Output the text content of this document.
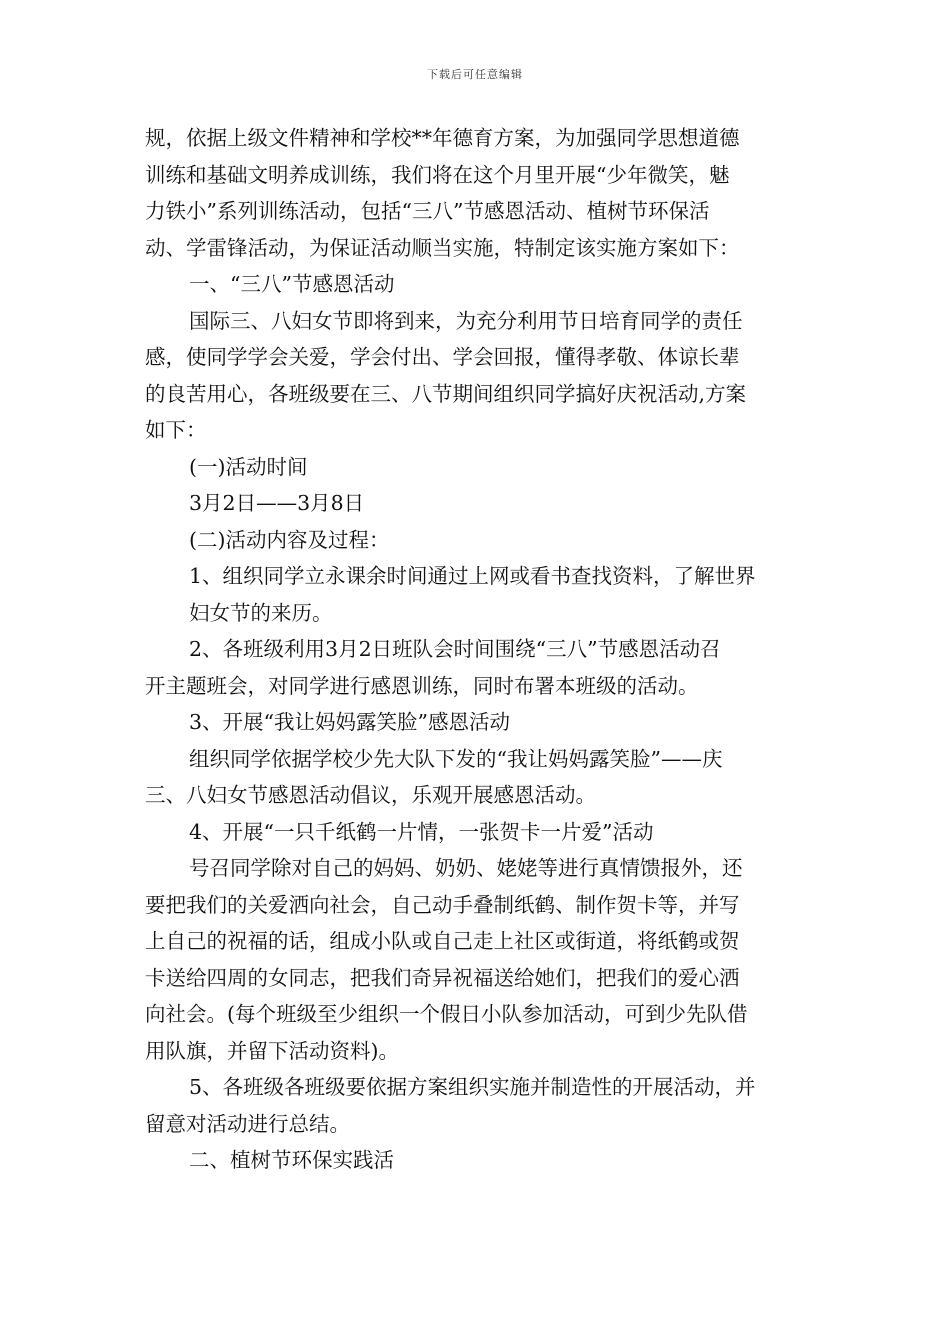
下载后可任意编辑
规，依据上级文件精神和学校**年德育方案，为加强同学思想道德
训练和基础文明养成训练，我们将在这个月里开展“少年微笑，魅
力铁小”系列训练活动，包括“三八”节感恩活动、植树节环保活
动、学雷锋活动，为保证活动顺当实施，特制定该实施方案如下：
一、“三八”节感恩活动
国际三、八妇女节即将到来，为充分利用节日培育同学的责任
感，使同学学会关爱，学会付出、学会回报，懂得孝敬、体谅长辈
的良苦用心，各班级要在三、八节期间组织同学搞好庆祝活动,方案
如下：
(一)活动时间
3月2日——3月8日
(二)活动内容及过程：
1、组织同学立永课余时间通过上网或看书查找资料，了解世界
妇女节的来历。
2、各班级利用3月2日班队会时间围绕“三八”节感恩活动召
开主题班会，对同学进行感恩训练，同时布署本班级的活动。
3、开展“我让妈妈露笑脸”感恩活动
组织同学依据学校少先大队下发的“我让妈妈露笑脸”——庆
三、八妇女节感恩活动倡议，乐观开展感恩活动。
4、开展“一只千纸鹤一片情，一张贺卡一片爱”活动
号召同学除对自己的妈妈、奶奶、姥姥等进行真情馈报外，还
要把我们的关爱洒向社会，自己动手叠制纸鹤、制作贺卡等，并写
上自己的祝福的话，组成小队或自己走上社区或街道，将纸鹤或贺
卡送给四周的女同志，把我们奇异祝福送给她们，把我们的爱心洒
向社会。(每个班级至少组织一个假日小队参加活动，可到少先队借
用队旗，并留下活动资料)。
5、各班级各班级要依据方案组织实施并制造性的开展活动，并
留意对活动进行总结。
二、植树节环保实践活
